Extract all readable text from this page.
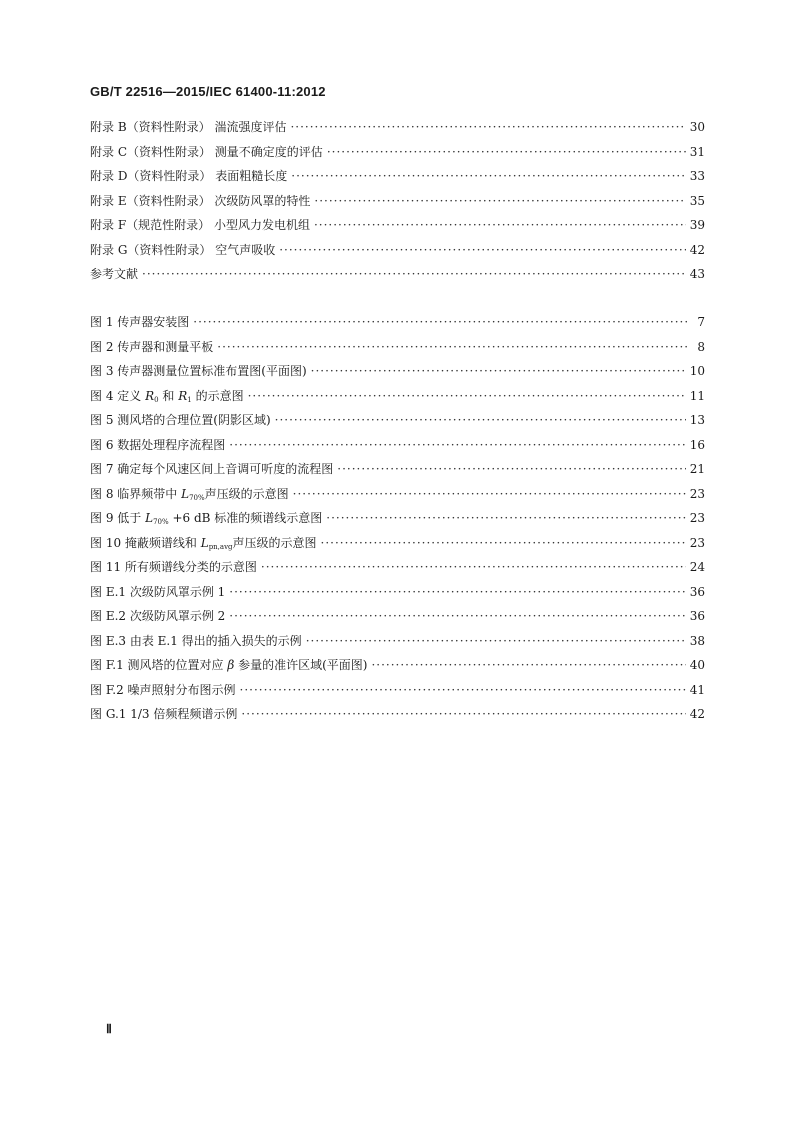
GB/T 22516—2015/IEC 61400-11:2012
附录 B（资料性附录） 湍流强度评估 ·····	30
附录 C（资料性附录） 测量不确定度的评估 ·····	31
附录 D（资料性附录） 表面粗糙长度 ·····	33
附录 E（资料性附录） 次级防风罩的特性 ·····	35
附录 F（规范性附录） 小型风力发电机组 ·····	39
附录 G（资料性附录） 空气声吸收 ·····	42
参考文献 ·····	43
图 1 传声器安装图 ·····	7
图 2 传声器和测量平板 ·····	8
图 3 传声器测量位置标准布置图(平面图) ·····	10
图 4 定义 $R_0$ 和 $R_1$ 的示意图 ·····	11
图 5 测风塔的合理位置(阴影区域) ·····	13
图 6 数据处理程序流程图 ·····	16
图 7 确定每个风速区间上音调可听度的流程图 ·····	21
图 8 临界频带中 $L_{70\%}$声压级的示意图 ·····	23
图 9 低于 $L_{70\%} +6$ dB 标准的频谱线示意图 ·····	23
图 10 掩蔽频谱线和 $L_{pn,avg}$声压级的示意图 ·····	23
图 11 所有频谱线分类的示意图 ·····	24
图 E.1 次级防风罩示例 1 ·····	36
图 E.2 次级防风罩示例 2 ·····	36
图 E.3 由表 E.1 得出的插入损失的示例 ·····	38
图 F.1 测风塔的位置对应 β 参量的准许区域(平面图) ·····	40
图 F.2 噪声照射分布图示例 ·····	41
图 G.1 1/3 倍频程频谱示例 ·····	42
Ⅱ
